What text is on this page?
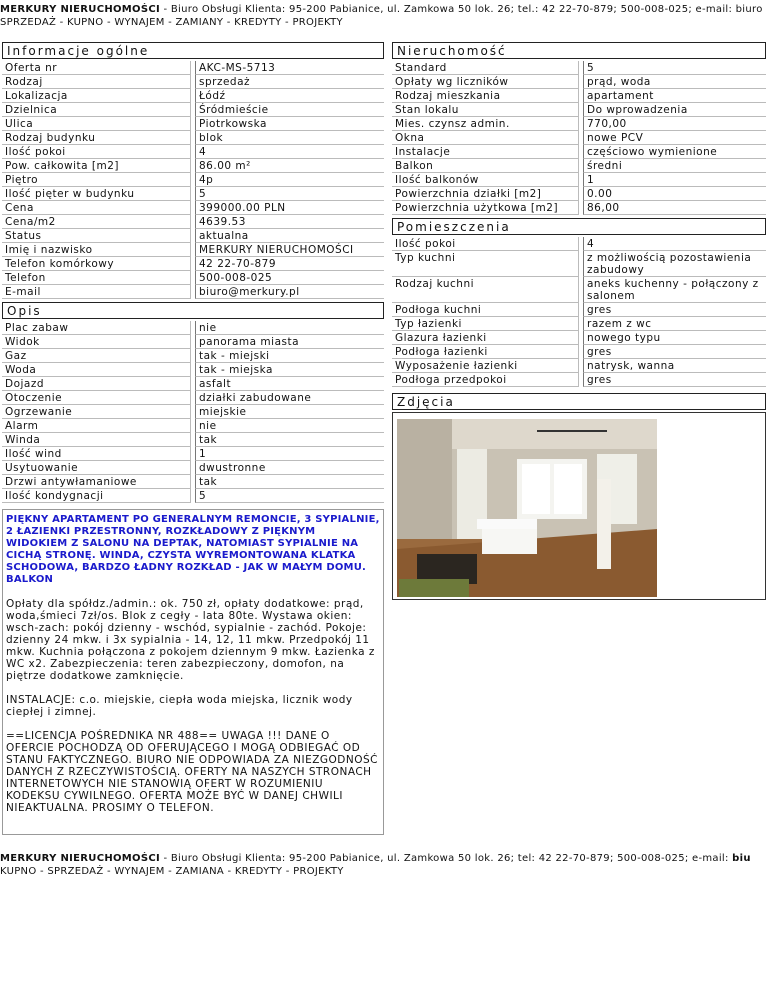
MERKURY NIERUCHOMOŚCI - Biuro Obsługi Klienta: 95-200 Pabianice, ul. Zamkowa 50 lok. 26; tel.: 42 22-70-879; 500-008-025; e-mail: biuro
SPRZEDAŻ - KUPNO - WYNAJEM - ZAMIANY - KREDYTY - PROJEKTY
Informacje ogólne
Oferta nr		AKC-MS-5713
Rodzaj		sprzedaż
Lokalizacja		Łódź
Dzielnica		Śródmieście
Ulica		Piotrkowska
Rodzaj budynku		blok
Ilość pokoi		4
Pow. całkowita [m2]		86.00 m²
Piętro		4p
Ilość pięter w budynku		5
Cena		399000.00 PLN
Cena/m2		4639.53
Status		aktualna
Imię i nazwisko		MERKURY NIERUCHOMOŚCI
Telefon komórkowy		42 22-70-879
Telefon		500-008-025
E-mail		biuro@merkury.pl
Opis
Plac zabaw		nie
Widok		panorama miasta
Gaz		tak - miejski
Woda		tak - miejska
Dojazd		asfalt
Otoczenie		działki zabudowane
Ogrzewanie		miejskie
Alarm		nie
Winda		tak
Ilość wind		1
Usytuowanie		dwustronne
Drzwi antywłamaniowe		tak
Ilość kondygnacji		5

PIĘKNY APARTAMENT PO GENERALNYM REMONCIE, 3 SYPIALNIE, 2 ŁAZIENKI PRZESTRONNY, ROZKŁADOWY Z PIĘKNYM WIDOKIEM Z SALONU NA DEPTAK, NATOMIAST SYPIALNIE NA CICHĄ STRONĘ. WINDA, CZYSTA WYREMONTOWANA KLATKA SCHODOWA, BARDZO ŁADNY ROZKŁAD - JAK W MAŁYM DOMU. BALKON

Opłaty dla spółdz./admin.: ok. 750 zł, opłaty dodatkowe: prąd, woda,śmieci 7zł/os. Blok z cegły - lata 80te. Wystawa okien: wsch-zach: pokój dzienny - wschód, sypialnie - zachód. Pokoje: dzienny 24 mkw. i 3x sypialnia - 14, 12, 11 mkw. Przedpokój 11 mkw. Kuchnia połączona z pokojem dziennym 9 mkw. Łazienka z WC x2. Zabezpieczenia: teren zabezpieczony, domofon, na piętrze dodatkowe zamknięcie.

INSTALACJE: c.o. miejskie, ciepła woda miejska, licznik wody ciepłej i zimnej.

==LICENCJA POŚREDNIKA NR 488== UWAGA !!! DANE O OFERCIE POCHODZĄ OD OFERUJĄCEGO I MOGĄ ODBIEGAĆ OD STANU FAKTYCZNEGO. BIURO NIE ODPOWIADA ZA NIEZGODNOŚĆ DANYCH Z RZECZYWISTOŚCIĄ. OFERTY NA NASZYCH STRONACH INTERNETOWYCH NIE STANOWIĄ OFERT W ROZUMIENIU KODEKSU CYWILNEGO. OFERTA MOŻE BYĆ W DANEJ CHWILI NIEAKTUALNA. PROSIMY O TELEFON.

Nieruchomość
Standard		5
Opłaty wg liczników		prąd, woda
Rodzaj mieszkania		apartament
Stan lokalu		Do wprowadzenia
Mies. czynsz admin.		770,00
Okna		nowe PCV
Instalacje		częściowo wymienione
Balkon		średni
Ilość balkonów		1
Powierzchnia działki [m2]		0.00
Powierzchnia użytkowa [m2]		86,00
Pomieszczenia
Ilość pokoi		4
Typ kuchni		z możliwością pozostawienia zabudowy
Rodzaj kuchni		aneks kuchenny - połączony z salonem
Podłoga kuchni		gres
Typ łazienki		razem z wc
Glazura łazienki		nowego typu
Podłoga łazienki		gres
Wyposażenie łazienki		natrysk, wanna
Podłoga przedpokoi		gres
Zdjęcia
MERKURY NIERUCHOMOŚCI - Biuro Obsługi Klienta: 95-200 Pabianice, ul. Zamkowa 50 lok. 26; tel: 42 22-70-879; 500-008-025; e-mail: biu
KUPNO - SPRZEDAŻ - WYNAJEM - ZAMIANA - KREDYTY - PROJEKTY
